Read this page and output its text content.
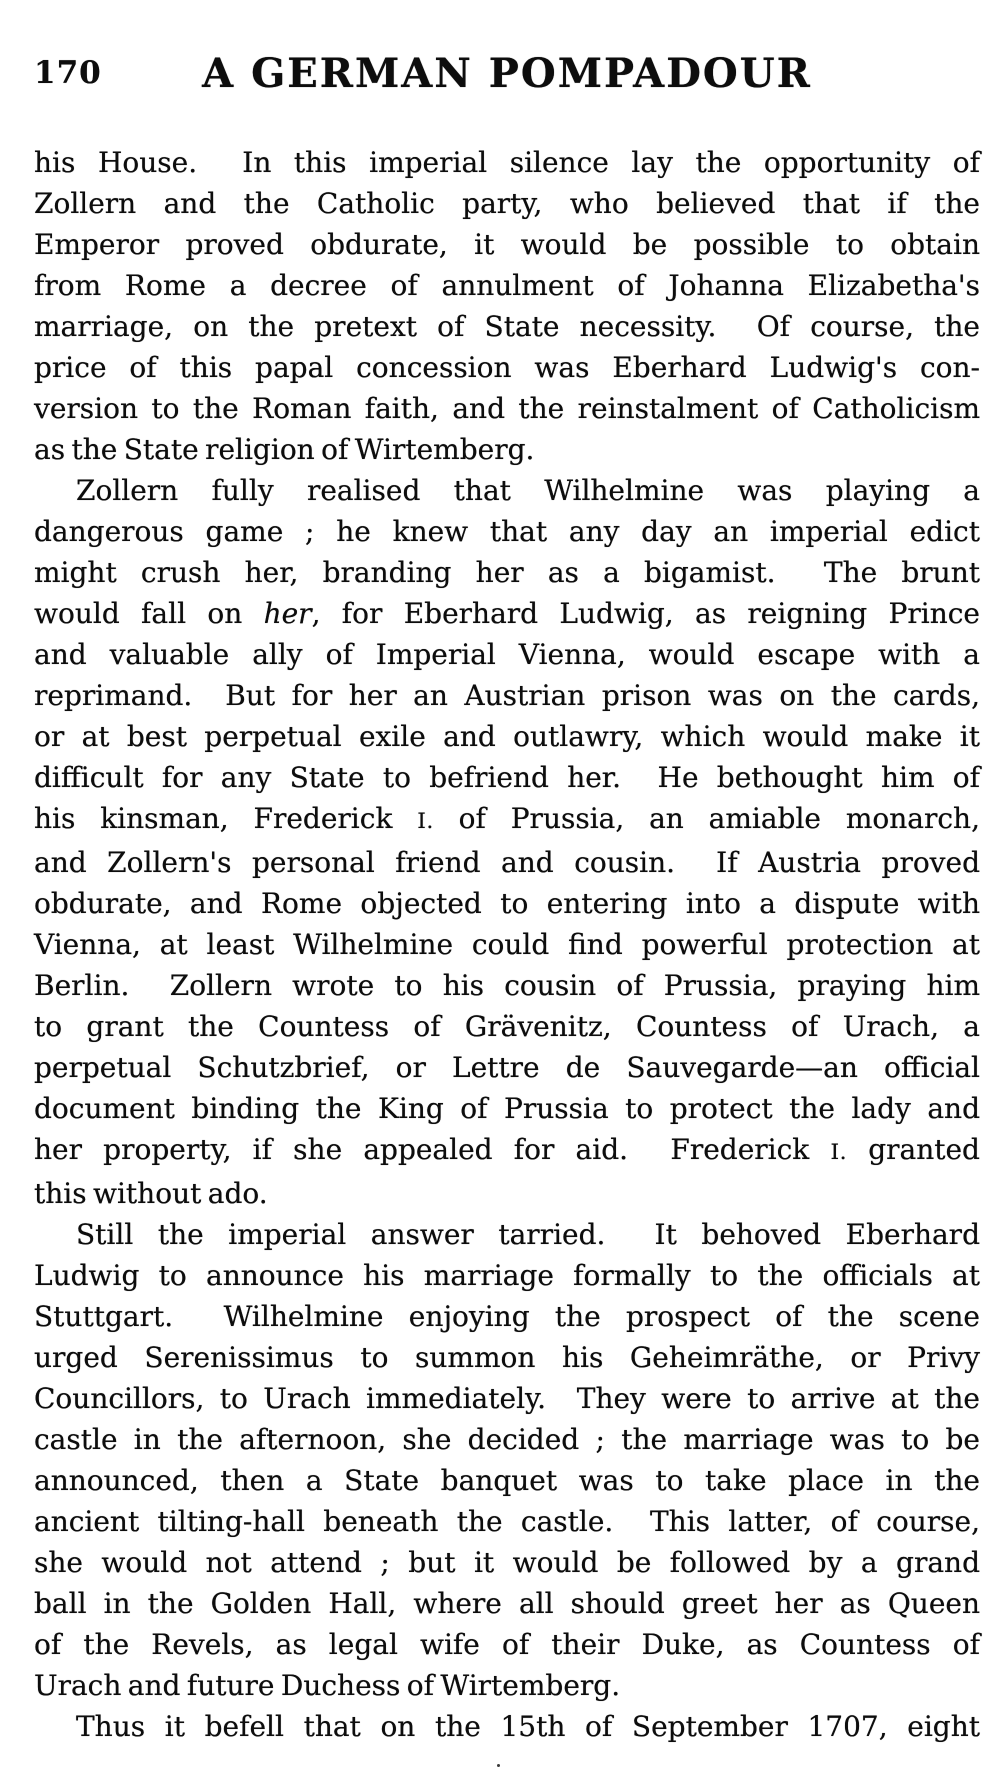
170	A GERMAN POMPADOUR
his House.  In this imperial silence lay the opportunity of
Zollern and the Catholic party, who believed that if the
Emperor proved obdurate, it would be possible to obtain
from Rome a decree of annulment of Johanna Elizabetha's
marriage, on the pretext of State necessity.  Of course, the
price of this papal concession was Eberhard Ludwig's con-
version to the Roman faith, and the reinstalment of Catholicism
as the State religion of Wirtemberg.
Zollern fully realised that Wilhelmine was playing a
dangerous game ; he knew that any day an imperial edict
might crush her, branding her as a bigamist.  The brunt
would fall on her, for Eberhard Ludwig, as reigning Prince
and valuable ally of Imperial Vienna, would escape with a
reprimand.  But for her an Austrian prison was on the cards,
or at best perpetual exile and outlawry, which would make it
difficult for any State to befriend her.  He bethought him of
his kinsman, Frederick I. of Prussia, an amiable monarch,
and Zollern's personal friend and cousin.  If Austria proved
obdurate, and Rome objected to entering into a dispute with
Vienna, at least Wilhelmine could find powerful protection at
Berlin.  Zollern wrote to his cousin of Prussia, praying him
to grant the Countess of Grävenitz, Countess of Urach, a
perpetual Schutzbrief, or Lettre de Sauvegarde—an official
document binding the King of Prussia to protect the lady and
her property, if she appealed for aid.  Frederick I. granted
this without ado.
Still the imperial answer tarried.  It behoved Eberhard
Ludwig to announce his marriage formally to the officials at
Stuttgart.  Wilhelmine enjoying the prospect of the scene
urged Serenissimus to summon his Geheimräthe, or Privy
Councillors, to Urach immediately.  They were to arrive at the
castle in the afternoon, she decided ; the marriage was to be
announced, then a State banquet was to take place in the
ancient tilting-hall beneath the castle.  This latter, of course,
she would not attend ; but it would be followed by a grand
ball in the Golden Hall, where all should greet her as Queen
of the Revels, as legal wife of their Duke, as Countess of
Urach and future Duchess of Wirtemberg.
Thus it befell that on the 15th of September 1707, eight
